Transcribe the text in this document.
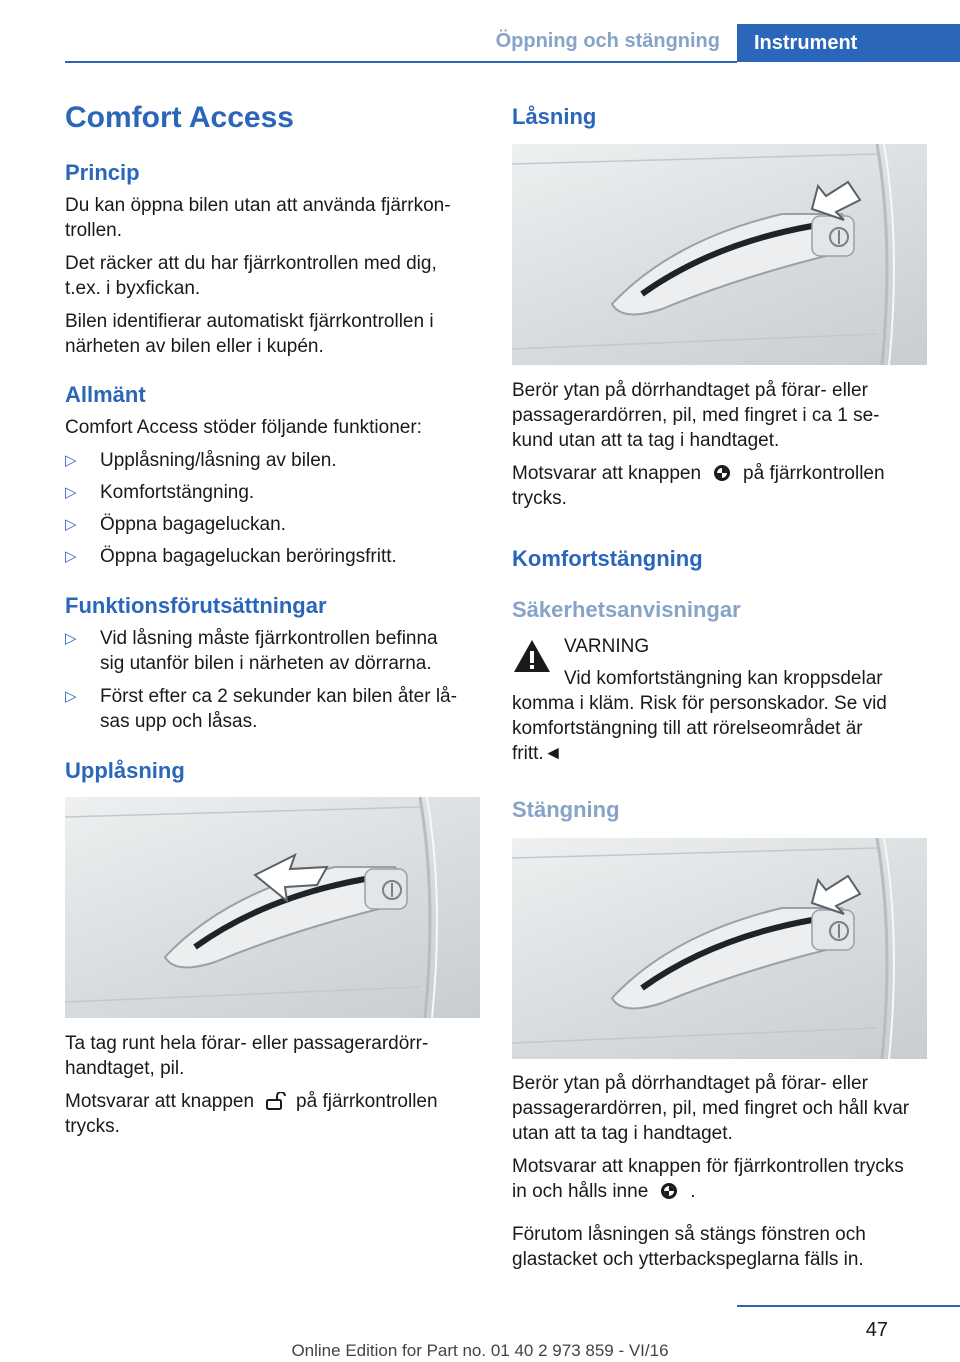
Öppning och stängning	Instrument
Comfort Access
Princip
Du kan öppna bilen utan att använda fjärrkon‐
trollen.
Det räcker att du har fjärrkontrollen med dig,
t.ex. i byxfickan.
Bilen identifierar automatiskt fjärrkontrollen i
närheten av bilen eller i kupén.
Allmänt
Comfort Access stöder följande funktioner:
▷ Upplåsning/låsning av bilen.
▷ Komfortstängning.
▷ Öppna bagageluckan.
▷ Öppna bagageluckan beröringsfritt.
Funktionsförutsättningar
▷ Vid låsning måste fjärrkontrollen befinna
sig utanför bilen i närheten av dörrarna.
▷ Först efter ca 2 sekunder kan bilen åter lå‐
sas upp och låsas.
Upplåsning
Ta tag runt hela förar- eller passagerardörr‐
handtaget, pil.
Motsvarar att knappen på fjärrkontrollen
trycks.
Låsning
Berör ytan på dörrhandtaget på förar- eller
passagerardörren, pil, med fingret i ca 1 se‐
kund utan att ta tag i handtaget.
Motsvarar att knappen på fjärrkontrollen
trycks.
Komfortstängning
Säkerhetsanvisningar
VARNING
Vid komfortstängning kan kroppsdelar
komma i kläm. Risk för personskador. Se vid
komfortstängning till att rörelseområdet är
fritt.◄
Stängning
Berör ytan på dörrhandtaget på förar- eller
passagerardörren, pil, med fingret och håll kvar
utan att ta tag i handtaget.
Motsvarar att knappen för fjärrkontrollen trycks
in och hålls inne .
Förutom låsningen så stängs fönstren och
glastacket och ytterbackspeglarna fälls in.
47
Online Edition for Part no. 01 40 2 973 859 - VI/16
